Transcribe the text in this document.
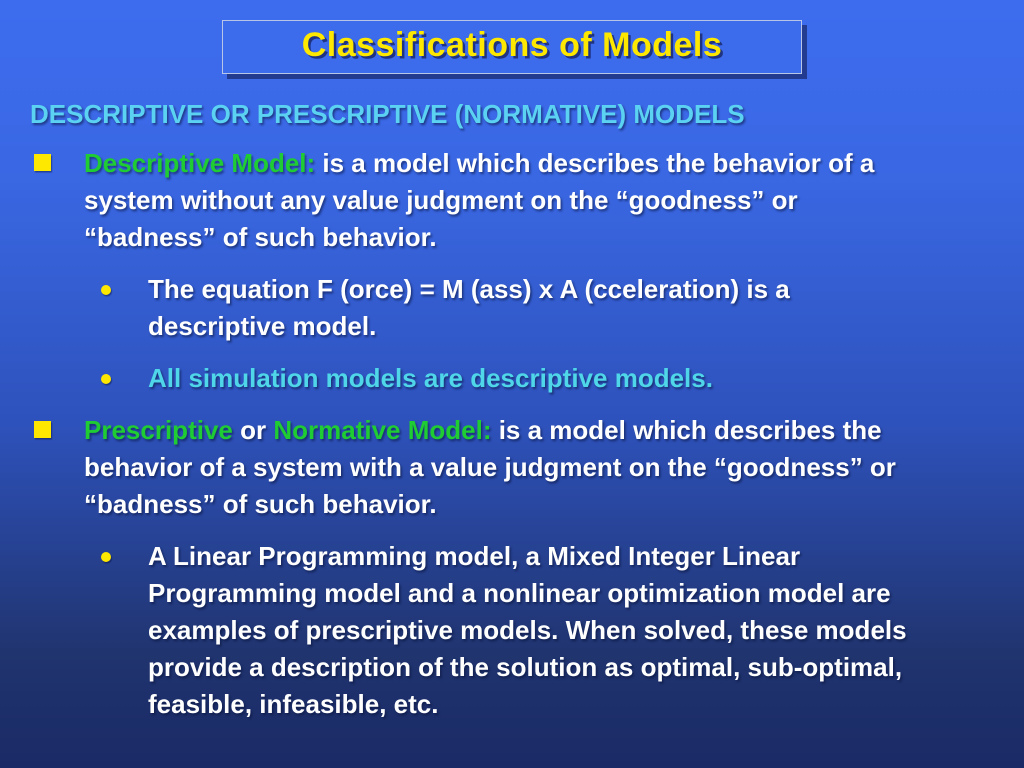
Classifications of Models
DESCRIPTIVE OR PRESCRIPTIVE (NORMATIVE) MODELS
Descriptive Model: is a model which describes the behavior of a
system without any value judgment on the “goodness” or
“badness” of such behavior.
The equation F (orce) = M (ass) x A (cceleration) is a
descriptive model.
All simulation models are descriptive models.
Prescriptive or Normative Model: is a model which describes the
behavior of a system with a value judgment on the “goodness” or
“badness” of such behavior.
A Linear Programming model, a Mixed Integer Linear
Programming model and a nonlinear optimization model are
examples of prescriptive models. When solved, these models
provide a description of the solution as optimal, sub-optimal,
feasible, infeasible, etc.
